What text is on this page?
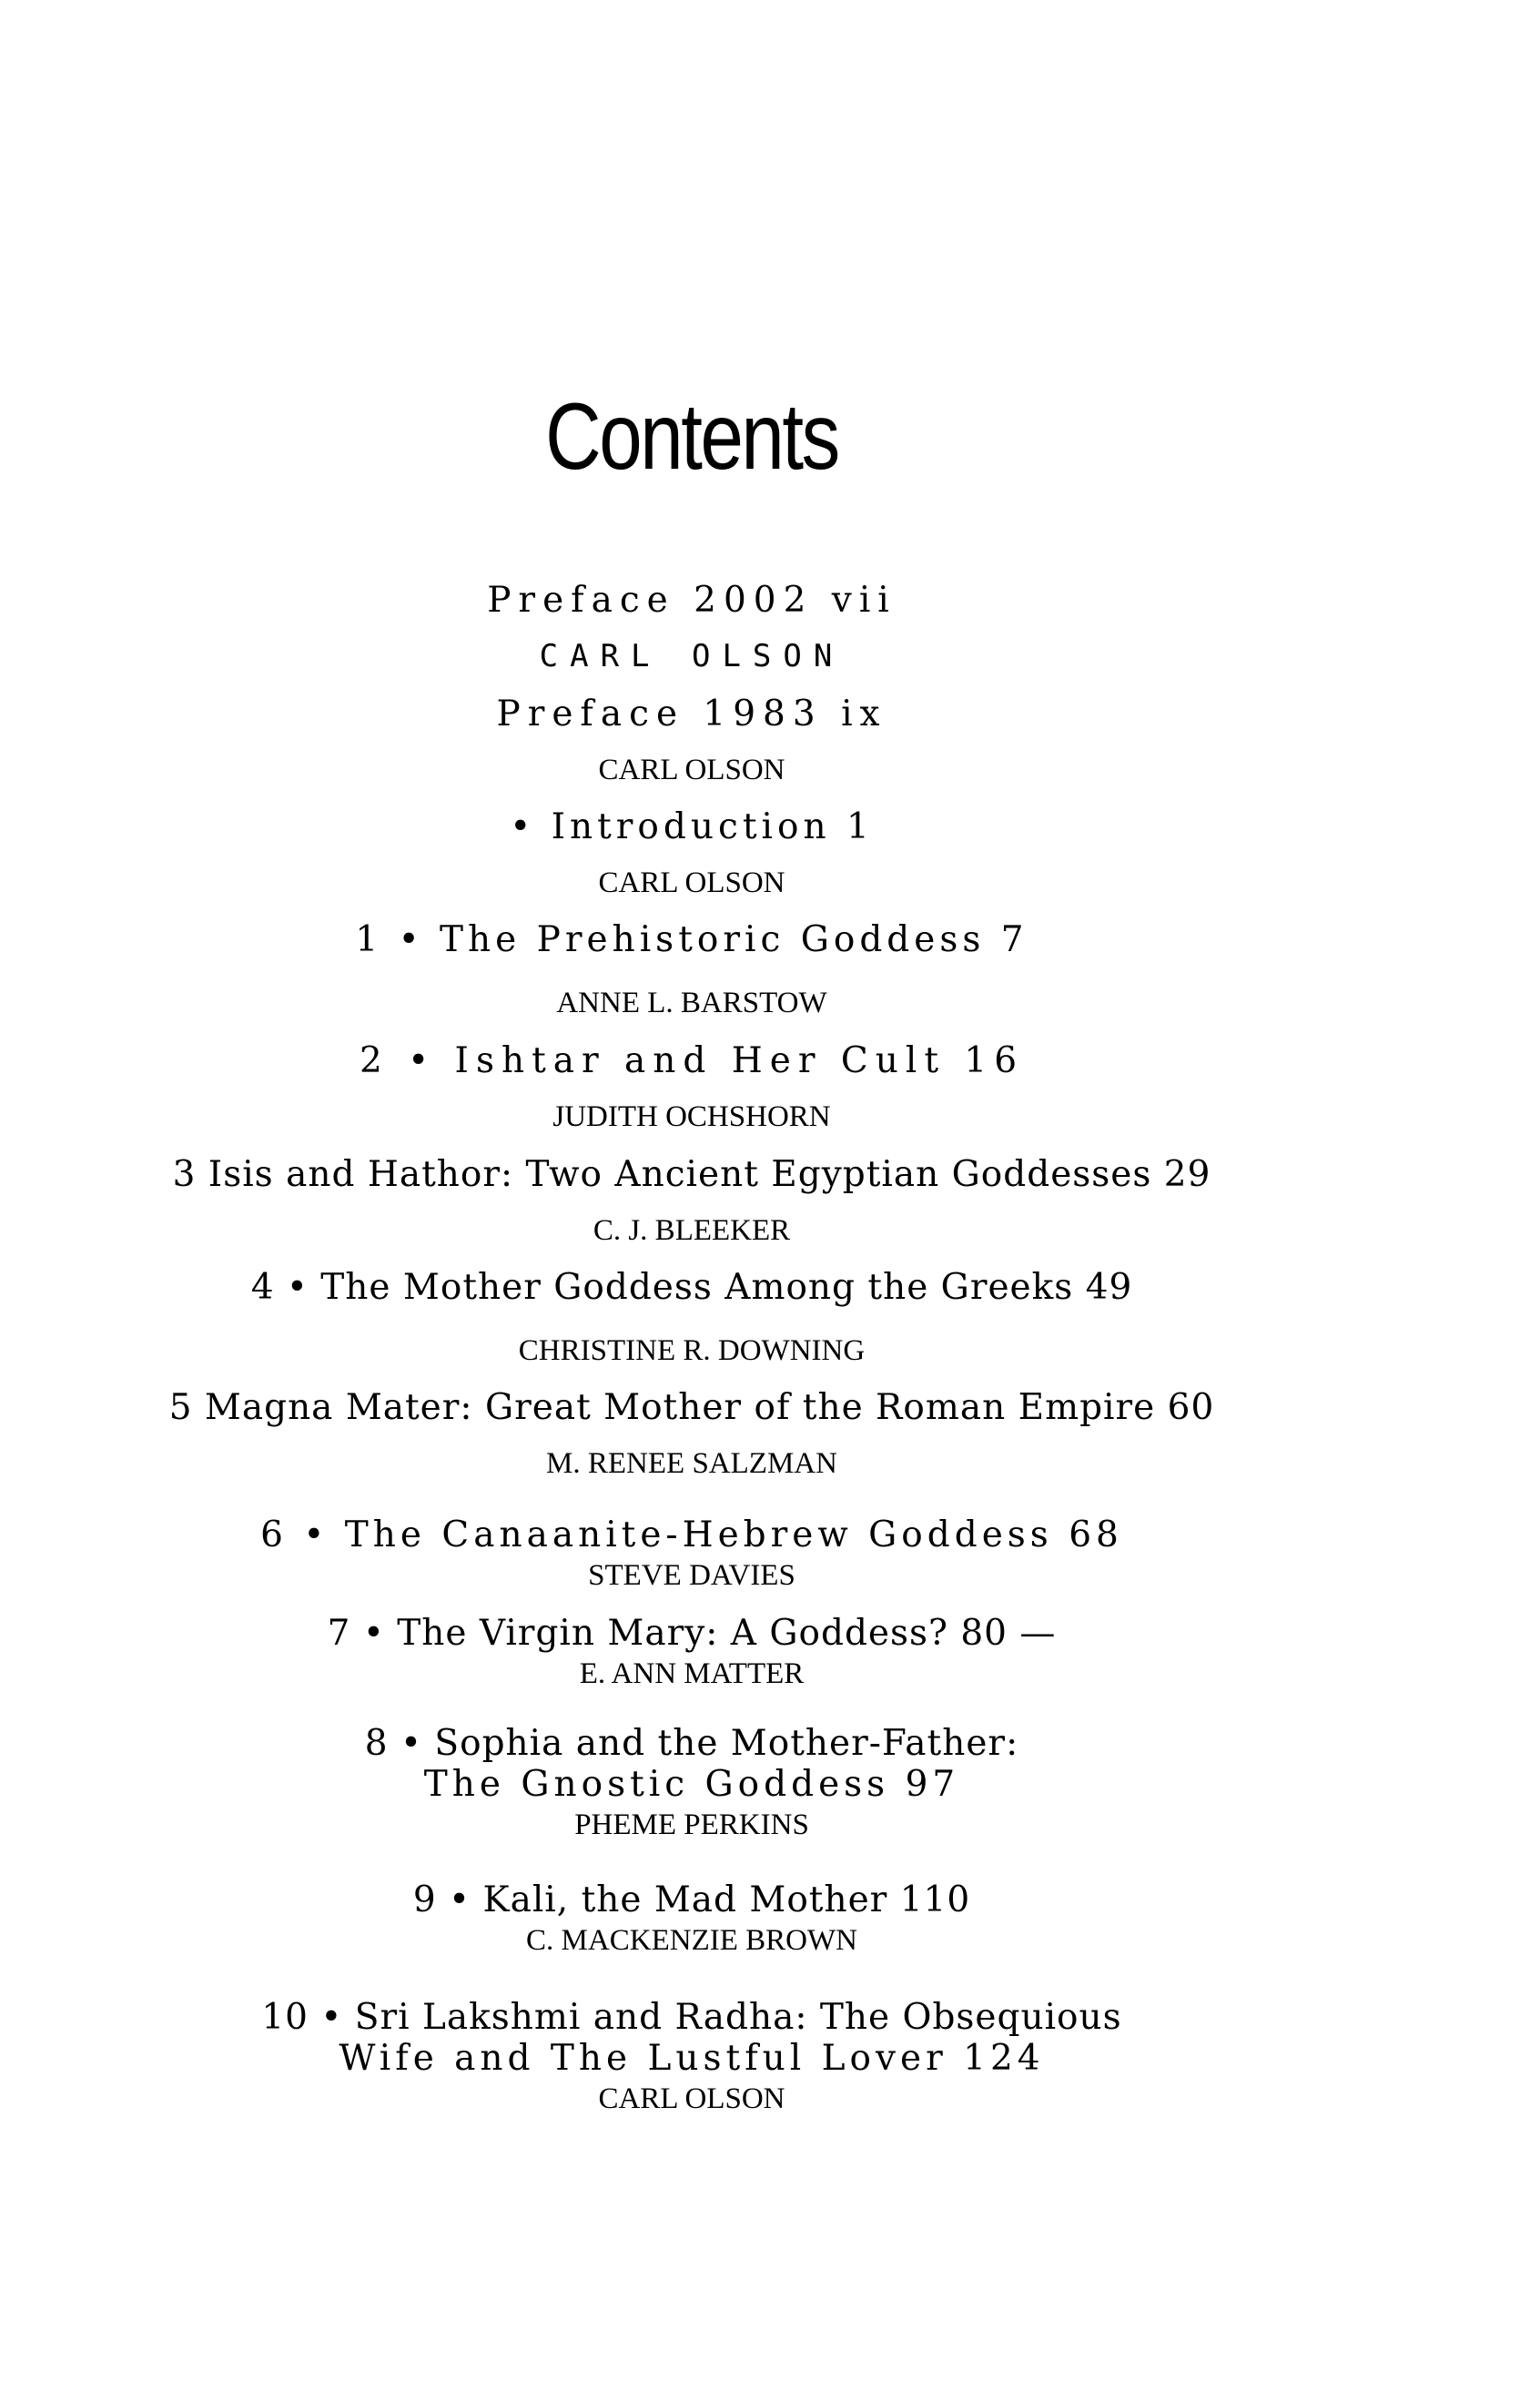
Contents
Preface 2002 vii
CARL OLSON
Preface 1983 ix
CARL OLSON
• Introduction 1
CARL OLSON
1 • The Prehistoric Goddess 7
ANNE L. BARSTOW
2 • Ishtar and Her Cult 16
JUDITH OCHSHORN
3 Isis and Hathor: Two Ancient Egyptian Goddesses 29
C. J. BLEEKER
4 • The Mother Goddess Among the Greeks 49
CHRISTINE R. DOWNING
5 Magna Mater: Great Mother of the Roman Empire 60
M. RENEE SALZMAN
6 • The Canaanite-Hebrew Goddess 68
STEVE DAVIES
7 • The Virgin Mary: A Goddess? 80 —
E. ANN MATTER
8 • Sophia and the Mother-Father:
The Gnostic Goddess 97
PHEME PERKINS
9 • Kali, the Mad Mother 110
C. MACKENZIE BROWN
10 • Sri Lakshmi and Radha: The Obsequious
Wife and The Lustful Lover 124
CARL OLSON
